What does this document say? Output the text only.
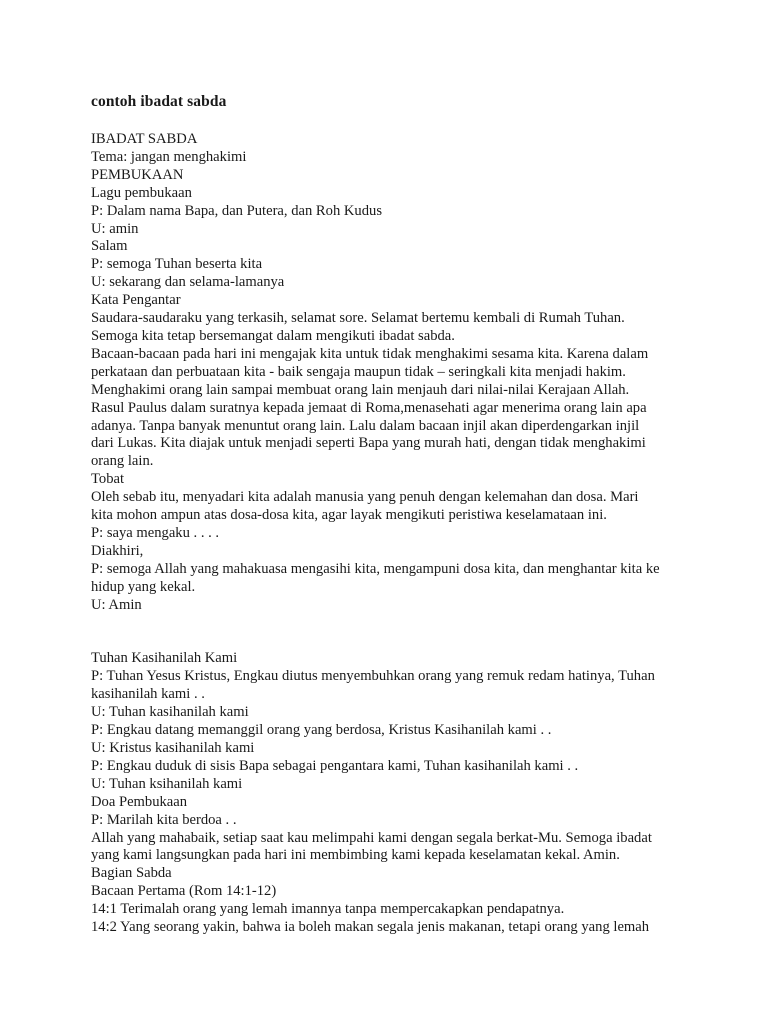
contoh ibadat sabda

IBADAT SABDA

Tema: jangan menghakimi

PEMBUKAAN

Lagu pembukaan

P: Dalam nama Bapa, dan Putera, dan Roh Kudus

U: amin

Salam

P: semoga Tuhan beserta kita

U: sekarang dan selama-lamanya

Kata Pengantar

Saudara-saudaraku yang terkasih, selamat sore. Selamat bertemu kembali di Rumah Tuhan.

Semoga kita tetap bersemangat dalam mengikuti ibadat sabda.

Bacaan-bacaan pada hari ini mengajak kita untuk tidak menghakimi sesama kita. Karena dalam

perkataan dan perbuataan kita - baik sengaja maupun tidak – seringkali kita menjadi hakim.

Menghakimi orang lain sampai membuat orang lain menjauh dari nilai-nilai Kerajaan Allah.

Rasul Paulus dalam suratnya kepada jemaat di Roma,menasehati agar menerima orang lain apa

adanya. Tanpa banyak menuntut orang lain. Lalu dalam bacaan injil akan diperdengarkan injil

dari Lukas. Kita diajak untuk menjadi seperti Bapa yang murah hati, dengan tidak menghakimi

orang lain.

Tobat

Oleh sebab itu, menyadari kita adalah manusia yang penuh dengan kelemahan dan dosa. Mari

kita mohon ampun atas dosa-dosa kita, agar layak mengikuti peristiwa keselamataan ini.

P: saya mengaku . . . .

Diakhiri,

P: semoga Allah yang mahakuasa mengasihi kita, mengampuni dosa kita, dan menghantar kita ke

hidup yang kekal.

U: Amin

Tuhan Kasihanilah Kami

P: Tuhan Yesus Kristus, Engkau diutus menyembuhkan orang yang remuk redam hatinya, Tuhan

kasihanilah kami . .

U: Tuhan kasihanilah kami

P: Engkau datang memanggil orang yang berdosa, Kristus Kasihanilah kami . .

U: Kristus kasihanilah kami

P: Engkau duduk di sisis Bapa sebagai pengantara kami, Tuhan kasihanilah kami . .

U: Tuhan ksihanilah kami

Doa Pembukaan

P: Marilah kita berdoa . .

Allah yang mahabaik, setiap saat kau melimpahi kami dengan segala berkat-Mu. Semoga ibadat

yang kami langsungkan pada hari ini membimbing kami kepada keselamatan kekal. Amin.

Bagian Sabda

Bacaan Pertama (Rom 14:1-12)

14:1 Terimalah orang yang lemah imannya tanpa mempercakapkan pendapatnya.

14:2 Yang seorang yakin, bahwa ia boleh makan segala jenis makanan, tetapi orang yang lemah
